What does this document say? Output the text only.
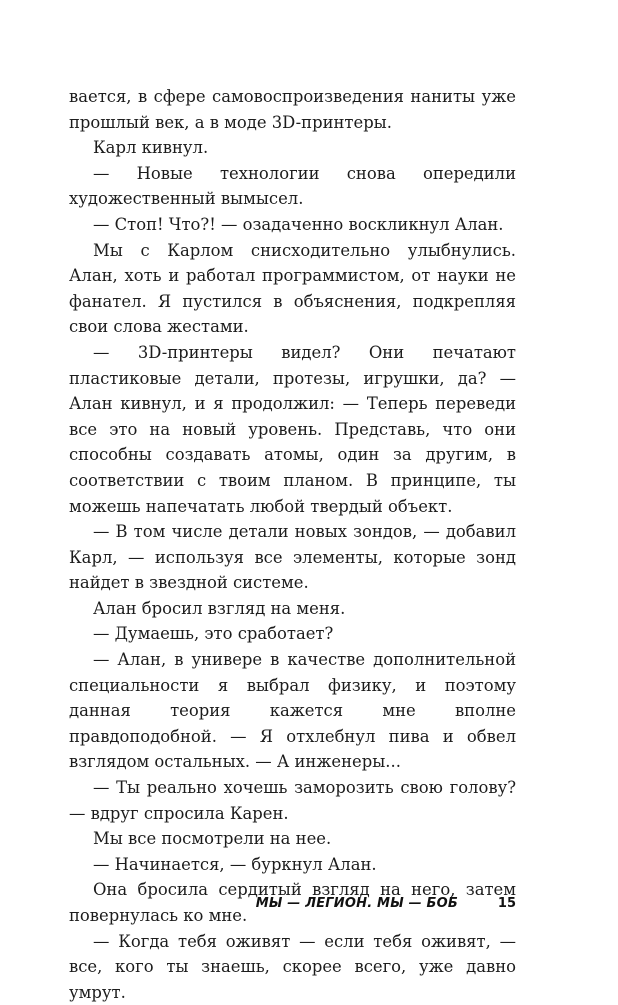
вается, в сфере самовоспроизведения наниты уже прошлый век, а в моде 3D-принтеры.

Карл кивнул.

— Новые технологии снова опередили художественный вымысел.

— Стоп! Что?! — озадаченно воскликнул Алан.

Мы с Карлом снисходительно улыбнулись. Алан, хоть и работал программистом, от науки не фанател. Я пустился в объяснения, подкрепляя свои слова жестами.

— 3D-принтеры видел? Они печатают пластиковые детали, протезы, игрушки, да? — Алан кивнул, и я продолжил: — Теперь переведи все это на новый уровень. Представь, что они способны создавать атомы, один за другим, в соответствии с твоим планом. В принципе, ты можешь напечатать любой твердый объект.

— В том числе детали новых зондов, — добавил Карл, — используя все элементы, которые зонд найдет в звездной системе.

Алан бросил взгляд на меня.

— Думаешь, это сработает?

— Алан, в универе в качестве дополнительной специальности я выбрал физику, и поэтому данная теория кажется мне вполне правдоподобной. — Я отхлебнул пива и обвел взглядом остальных. — А инженеры...

— Ты реально хочешь заморозить свою голову? — вдруг спросила Карен.

Мы все посмотрели на нее.

— Начинается, — буркнул Алан.

Она бросила сердитый взгляд на него, затем повернулась ко мне.

— Когда тебя оживят — если тебя оживят, — все, кого ты знаешь, скорее всего, уже давно умрут.

МЫ — ЛЕГИОН. МЫ — БОБ	15
